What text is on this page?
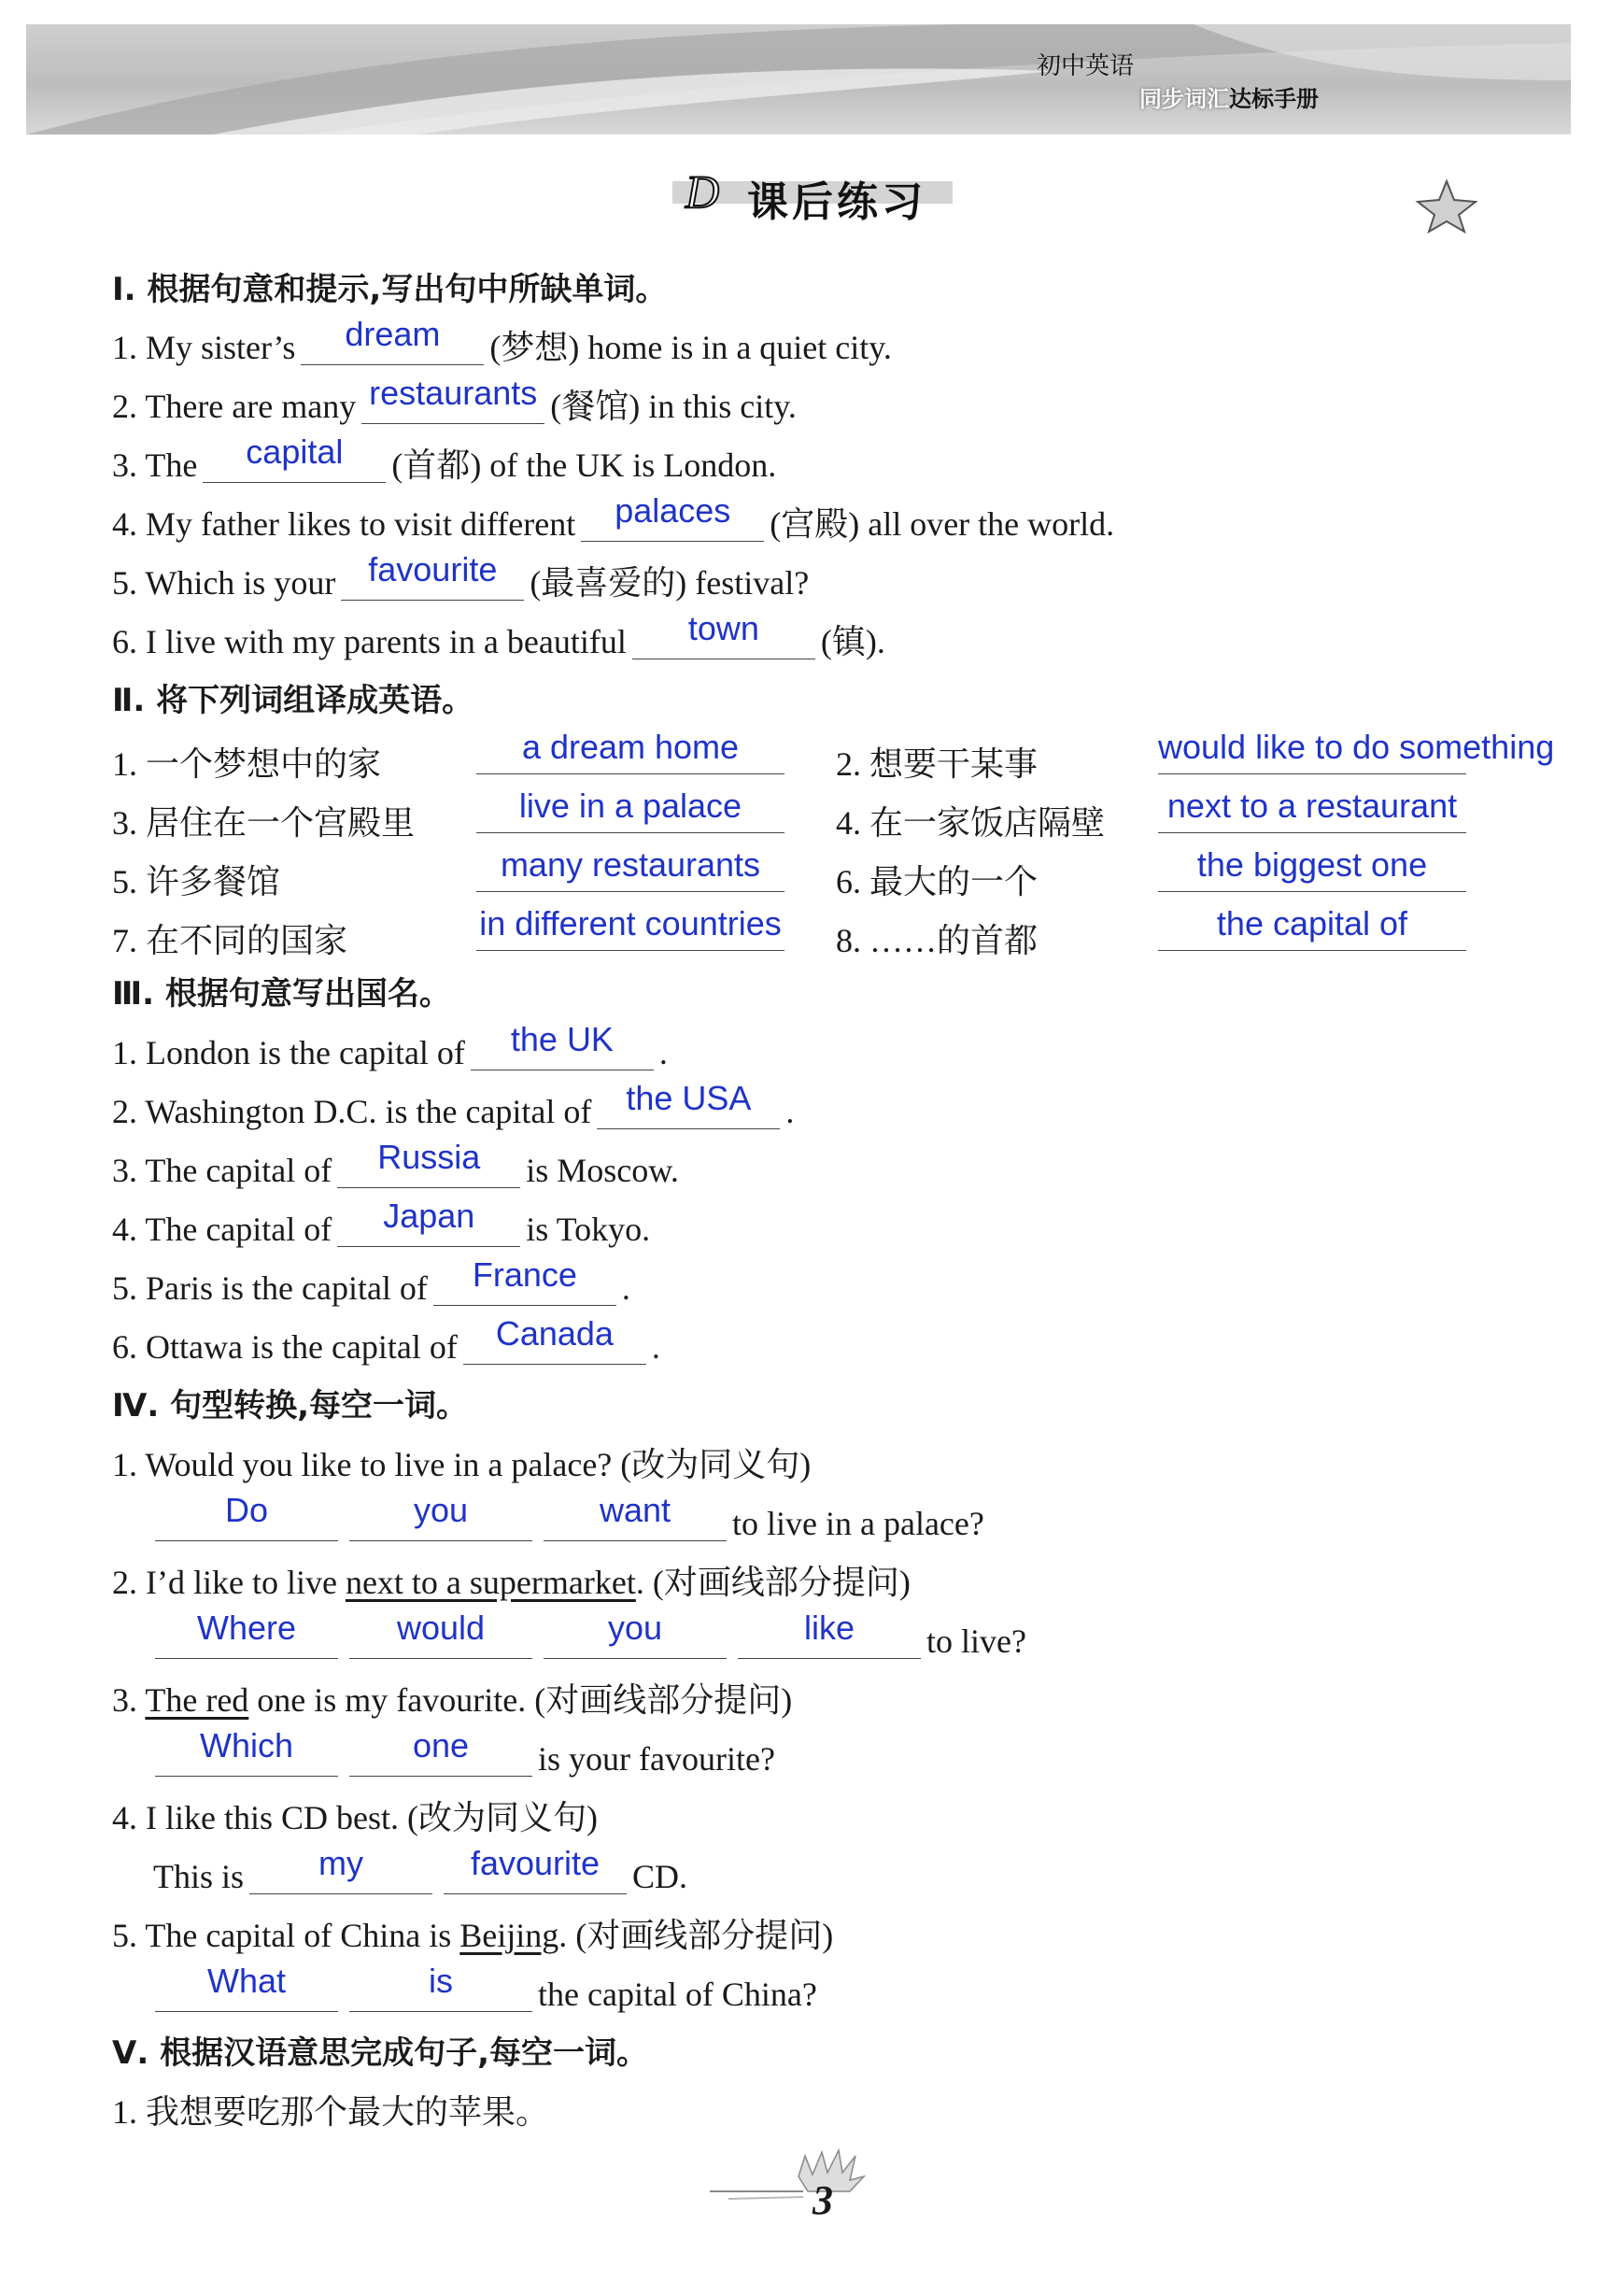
初中英语
同步词汇达标手册
D 课后练习
Ⅰ. 根据句意和提示,写出句中所缺单词。
1. My sister’s dream (梦想) home is in a quiet city.
2. There are many restaurants (餐馆) in this city.
3. The capital (首都) of the UK is London.
4. My father likes to visit different palaces (宫殿) all over the world.
5. Which is your favourite (最喜爱的) festival?
6. I live with my parents in a beautiful town (镇).
Ⅱ. 将下列词组译成英语。
1. 一个梦想中的家	a dream home	2. 想要干某事	would like to do something
3. 居住在一个宫殿里	live in a palace	4. 在一家饭店隔壁 next to a restaurant
5. 许多餐馆	many restaurants	6. 最大的一个	the biggest one
7. 在不同的国家	in different countries 8. ……的首都	the capital of
Ⅲ. 根据句意写出国名。
1. London is the capital of the UK .
2. Washington D.C. is the capital of the USA .
3. The capital of Russia is Moscow.
4. The capital of Japan is Tokyo.
5. Paris is the capital of France .
6. Ottawa is the capital of Canada .
Ⅳ. 句型转换,每空一词。
1. Would you like to live in a palace? (改为同义句)
Do	you	want to live in a palace?
2. I’d like to live next to a supermarket. (对画线部分提问)
Where	would	you	like to live?
3. The red one is my favourite. (对画线部分提问)
Which	one is your favourite?
4. I like this CD best. (改为同义句)
This is my	favourite CD.
5. The capital of China is Beijing. (对画线部分提问)
What	is	the capital of China?
Ⅴ. 根据汉语意思完成句子,每空一词。
1. 我想要吃那个最大的苹果。
3
